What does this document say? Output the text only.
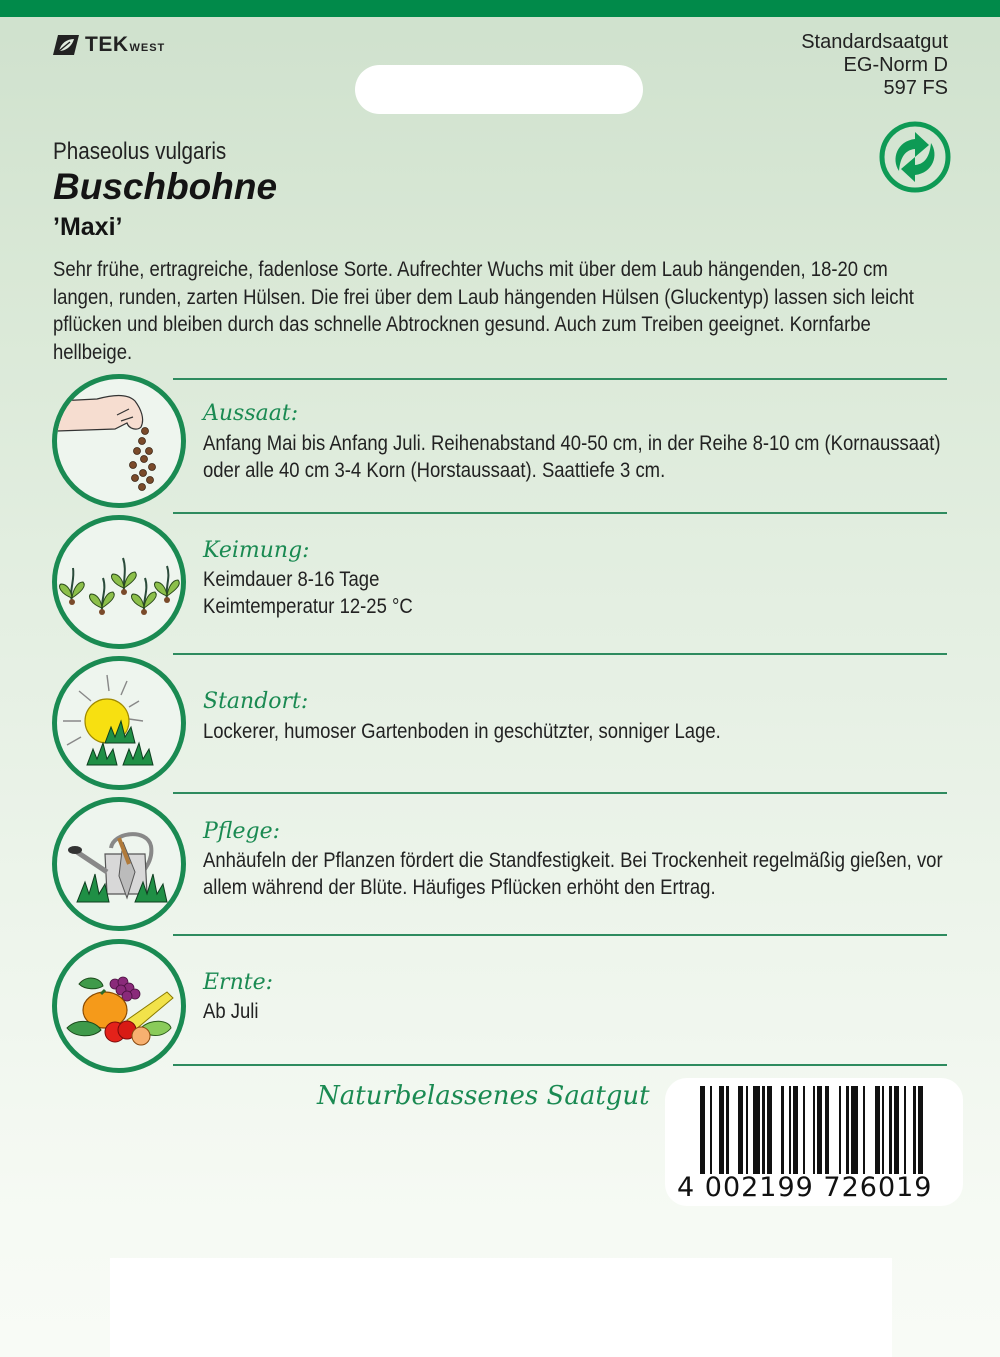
TEKWEST	Standardsaatgut
EG-Norm D
597 FS
Phaseolus vulgaris
Buschbohne
’Maxi’
Sehr frühe, ertragreiche, fadenlose Sorte. Aufrechter Wuchs mit über dem Laub hängenden, 18-20 cm langen, runden, zarten Hülsen. Die frei über dem Laub hängenden Hülsen (Gluckentyp) lassen sich leicht pflücken und bleiben durch das schnelle Abtrocknen gesund. Auch zum Treiben geeignet. Kornfarbe hellbeige.
Aussaat:
Anfang Mai bis Anfang Juli. Reihenabstand 40-50 cm, in der Reihe 8-10 cm (Kornaussaat)
oder alle 40 cm 3-4 Korn (Horstaussaat). Saattiefe 3 cm.
Keimung:
Keimdauer 8-16 Tage
Keimtemperatur 12-25 °C
Standort:
Lockerer, humoser Gartenboden in geschützter, sonniger Lage.
Pflege:
Anhäufeln der Pflanzen fördert die Standfestigkeit. Bei Trockenheit regelmäßig gießen, vor
allem während der Blüte. Häufiges Pflücken erhöht den Ertrag.
Ernte:
Ab Juli
Naturbelassenes Saatgut
4 002199 726019
